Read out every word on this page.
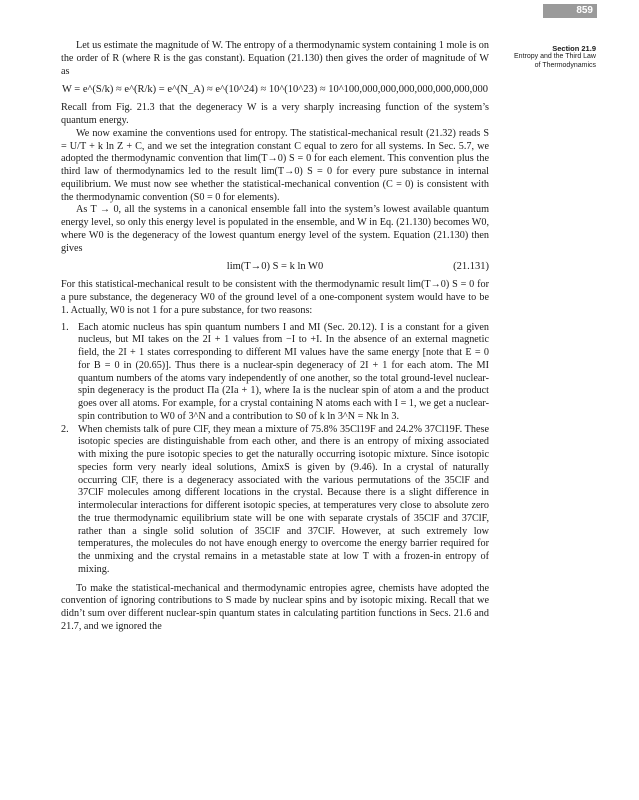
859
Section 21.9
Entropy and the Third Law
of Thermodynamics

Let us estimate the magnitude of W. The entropy of a thermodynamic system containing 1 mole is on the order of R (where R is the gas constant). Equation (21.130) then gives the order of magnitude of W as

W = e^(S/k) ≈ e^(R/k) = e^(N_A) ≈ e^(10^24) ≈ 10^(10^23) ≈ 10^100,000,000,000,000,000,000,000

Recall from Fig. 21.3 that the degeneracy W is a very sharply increasing function of the system’s quantum energy.

We now examine the conventions used for entropy. The statistical-mechanical result (21.32) reads S = U/T + k ln Z + C, and we set the integration constant C equal to zero for all systems. In Sec. 5.7, we adopted the thermodynamic convention that lim(T→0) S = 0 for each element. This convention plus the third law of thermodynamics led to the result lim(T→0) S = 0 for every pure substance in internal equilibrium. We must now see whether the statistical-mechanical convention (C = 0) is consistent with the thermodynamic convention (S0 = 0 for elements).

As T → 0, all the systems in a canonical ensemble fall into the system’s lowest available quantum energy level, so only this energy level is populated in the ensemble, and W in Eq. (21.130) becomes W0, where W0 is the degeneracy of the lowest quantum energy level of the system. Equation (21.130) then gives

lim(T→0) S = k ln W0	(21.131)

For this statistical-mechanical result to be consistent with the thermodynamic result lim(T→0) S = 0 for a pure substance, the degeneracy W0 of the ground level of a one-component system would have to be 1. Actually, W0 is not 1 for a pure substance, for two reasons:

1. Each atomic nucleus has spin quantum numbers I and MI (Sec. 20.12). I is a constant for a given nucleus, but MI takes on the 2I + 1 values from −I to +I. In the absence of an external magnetic field, the 2I + 1 states corresponding to different MI values have the same energy [note that E = 0 for B = 0 in (20.65)]. Thus there is a nuclear-spin degeneracy of 2I + 1 for each atom. The MI quantum numbers of the atoms vary independently of one another, so the total ground-level nuclear-spin degeneracy is the product Πa (2Ia + 1), where Ia is the nuclear spin of atom a and the product goes over all atoms. For example, for a crystal containing N atoms each with I = 1, we get a nuclear-spin contribution to W0 of 3^N and a contribution to S0 of k ln 3^N = Nk ln 3.
2. When chemists talk of pure ClF, they mean a mixture of 75.8% 35Cl19F and 24.2% 37Cl19F. These isotopic species are distinguishable from each other, and there is an entropy of mixing associated with mixing the pure isotopic species to get the naturally occurring isotopic mixture. Since isotopic species form very nearly ideal solutions, ΔmixS is given by (9.46). In a crystal of naturally occurring ClF, there is a degeneracy associated with the various permutations of the 35ClF and 37ClF molecules among different locations in the crystal. Because there is a slight difference in intermolecular interactions for different isotopic species, at temperatures very close to absolute zero the true thermodynamic equilibrium state will be one with separate crystals of 35ClF and 37ClF, rather than a single solid solution of 35ClF and 37ClF. However, at such extremely low temperatures, the molecules do not have enough energy to overcome the energy barrier required for the unmixing and the crystal remains in a metastable state at low T with a frozen-in entropy of mixing.

To make the statistical-mechanical and thermodynamic entropies agree, chemists have adopted the convention of ignoring contributions to S made by nuclear spins and by isotopic mixing. Recall that we didn’t sum over different nuclear-spin quantum states in calculating partition functions in Secs. 21.6 and 21.7, and we ignored the
